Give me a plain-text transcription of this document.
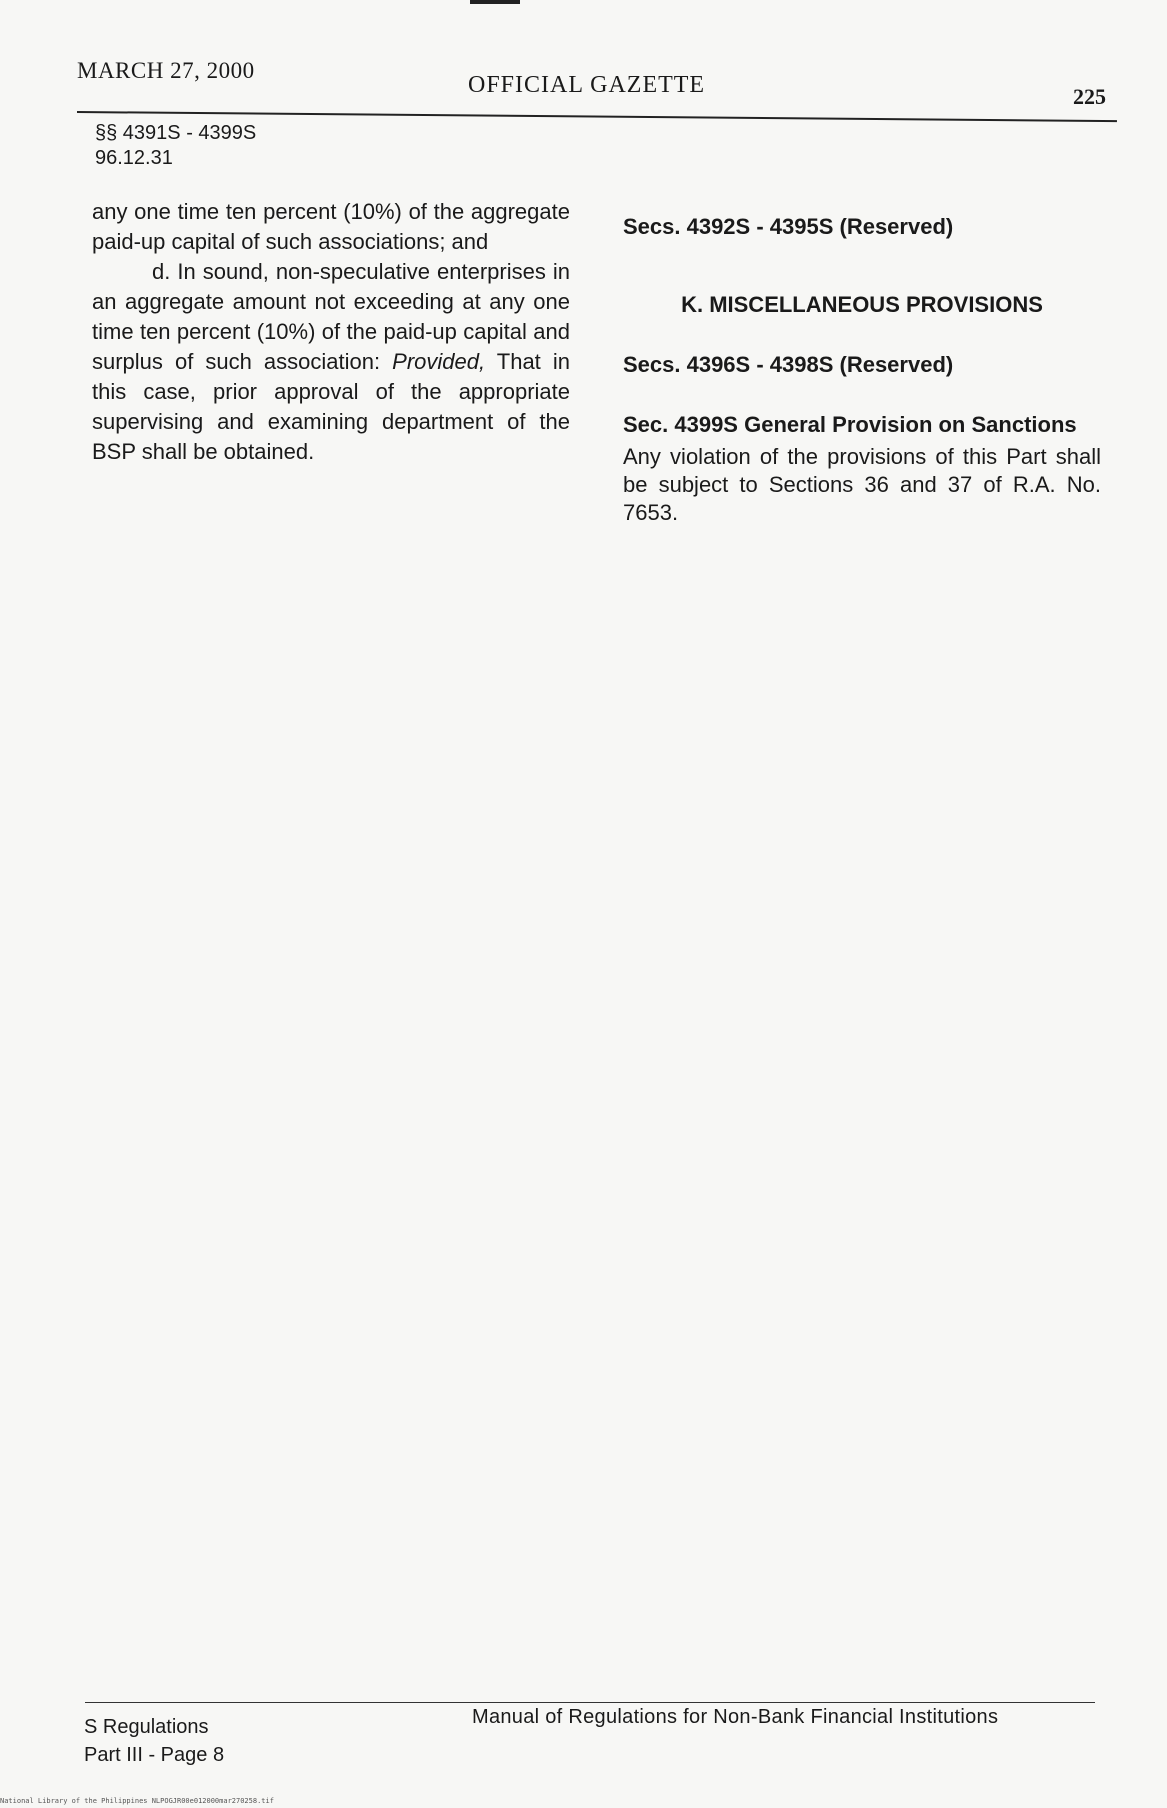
MARCH 27, 2000
OFFICIAL GAZETTE	225
§§ 4391S - 4399S
96.12.31

any one time ten percent (10%) of the aggregate paid-up capital of such associations; and

d. In sound, non-speculative enterprises in an aggregate amount not exceeding at any one time ten percent (10%) of the paid-up capital and surplus of such association: Provided, That in this case, prior approval of the appropriate supervising and examining department of the BSP shall be obtained.

Secs. 4392S - 4395S (Reserved)

K. MISCELLANEOUS PROVISIONS

Secs. 4396S - 4398S (Reserved)

Sec. 4399S General Provision on Sanctions

Any violation of the provisions of this Part shall be subject to Sections 36 and 37 of R.A. No. 7653.

S Regulations
Part III - Page 8
Manual of Regulations for Non-Bank Financial Institutions
National Library of the Philippines NLPOGJR00e012000mar270258.tif
